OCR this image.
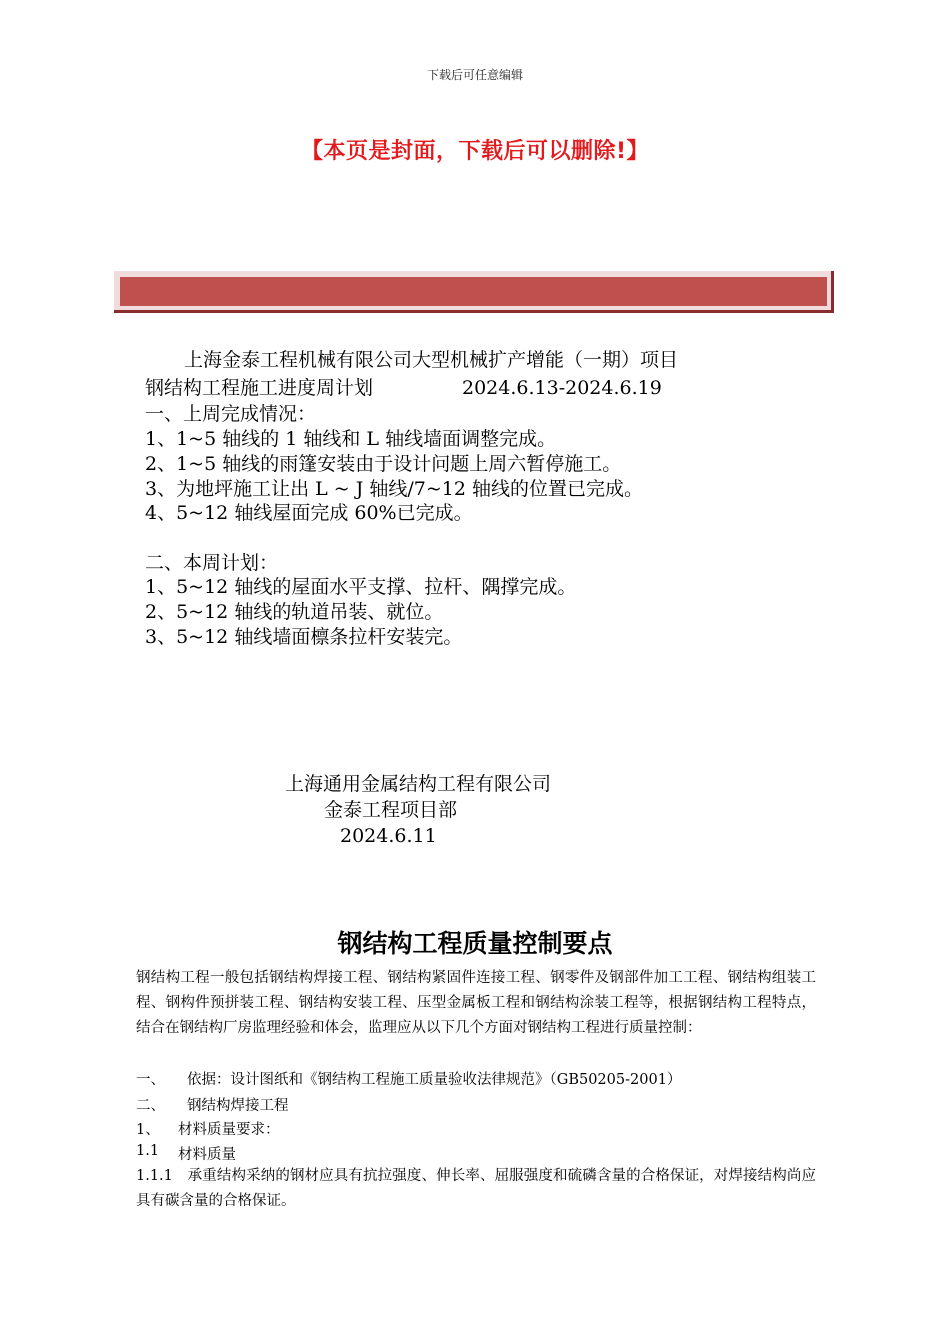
下载后可任意编辑
【本页是封面，下载后可以删除!】
上海金泰工程机械有限公司大型机械扩产增能（一期）项目
钢结构工程施工进度周计划	2024.6.13-2024.6.19
一、上周完成情况：
1、1~5 轴线的 1 轴线和 L 轴线墙面调整完成。
2、1~5 轴线的雨篷安装由于设计问题上周六暂停施工。
3、为地坪施工让出 L ~ J 轴线/7~12 轴线的位置已完成。
4、5~12 轴线屋面完成 60%已完成。
二、本周计划：
1、5~12 轴线的屋面水平支撑、拉杆、隅撑完成。
2、5~12 轴线的轨道吊装、就位。
3、5~12 轴线墙面檩条拉杆安装完。
上海通用金属结构工程有限公司
金泰工程项目部
2024.6.11
钢结构工程质量控制要点
钢结构工程一般包括钢结构焊接工程、钢结构紧固件连接工程、钢零件及钢部件加工工程、钢结构组装工程、钢构件预拼装工程、钢结构安装工程、压型金属板工程和钢结构涂装工程等，根据钢结构工程特点，结合在钢结构厂房监理经验和体会，监理应从以下几个方面对钢结构工程进行质量控制：
一、 依据：设计图纸和《钢结构工程施工质量验收法律规范》（GB50205-2001）
二、 钢结构焊接工程
1、 材料质量要求：
1.1 材料质量
1.1.1　承重结构采纳的钢材应具有抗拉强度、伸长率、屈服强度和硫磷含量的合格保证，对焊接结构尚应具有碳含量的合格保证。
